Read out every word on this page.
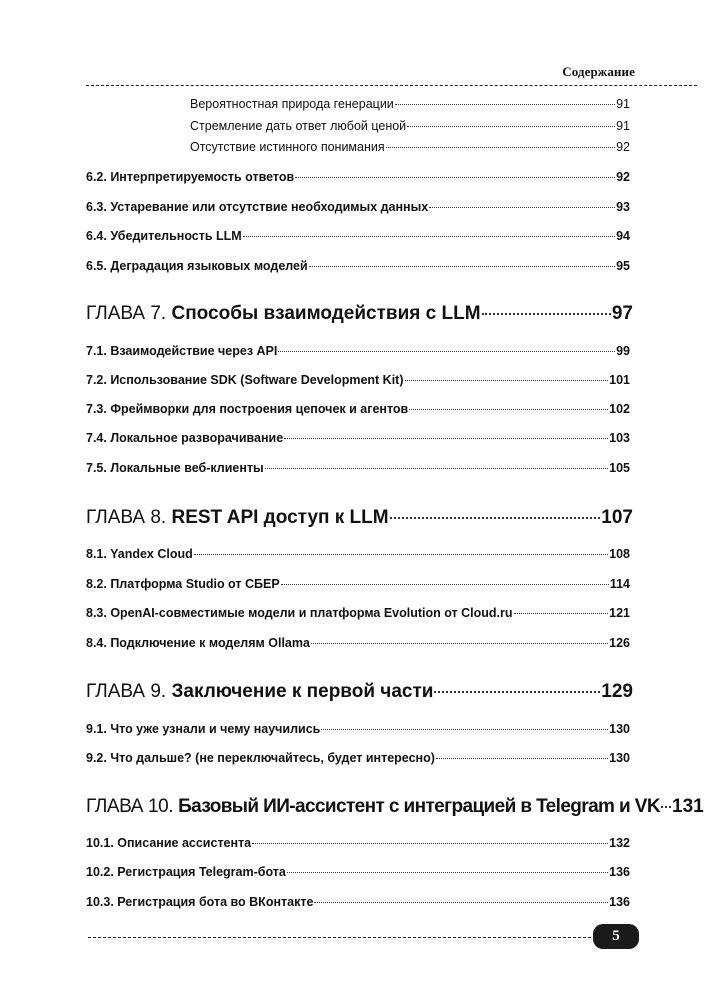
Содержание
Вероятностная природа генерации	91
Стремление дать ответ любой ценой	91
Отсутствие истинного понимания	92
6.2. Интерпретируемость ответов	92
6.3. Устаревание или отсутствие необходимых данных	93
6.4. Убедительность LLM	94
6.5. Деградация языковых моделей	95
ГЛАВА 7. Способы взаимодействия с LLM	97
7.1. Взаимодействие через API	99
7.2. Использование SDK (Software Development Kit)	101
7.3. Фреймворки для построения цепочек и агентов	102
7.4. Локальное разворачивание	103
7.5. Локальные веб-клиенты	105
ГЛАВА 8. REST API доступ к LLM	107
8.1. Yandex Cloud	108
8.2. Платформа Studio от СБЕР	114
8.3. OpenAI-совместимые модели и платформа Evolution от Cloud.ru	121
8.4. Подключение к моделям Ollama	126
ГЛАВА 9. Заключение к первой части	129
9.1. Что уже узнали и чему научились	130
9.2. Что дальше? (не переключайтесь, будет интересно)	130
ГЛАВА 10. Базовый ИИ-ассистент с интеграцией в Telegram и VK 131
10.1. Описание ассистента	132
10.2. Регистрация Telegram-бота	136
10.3. Регистрация бота во ВКонтакте	136
5
